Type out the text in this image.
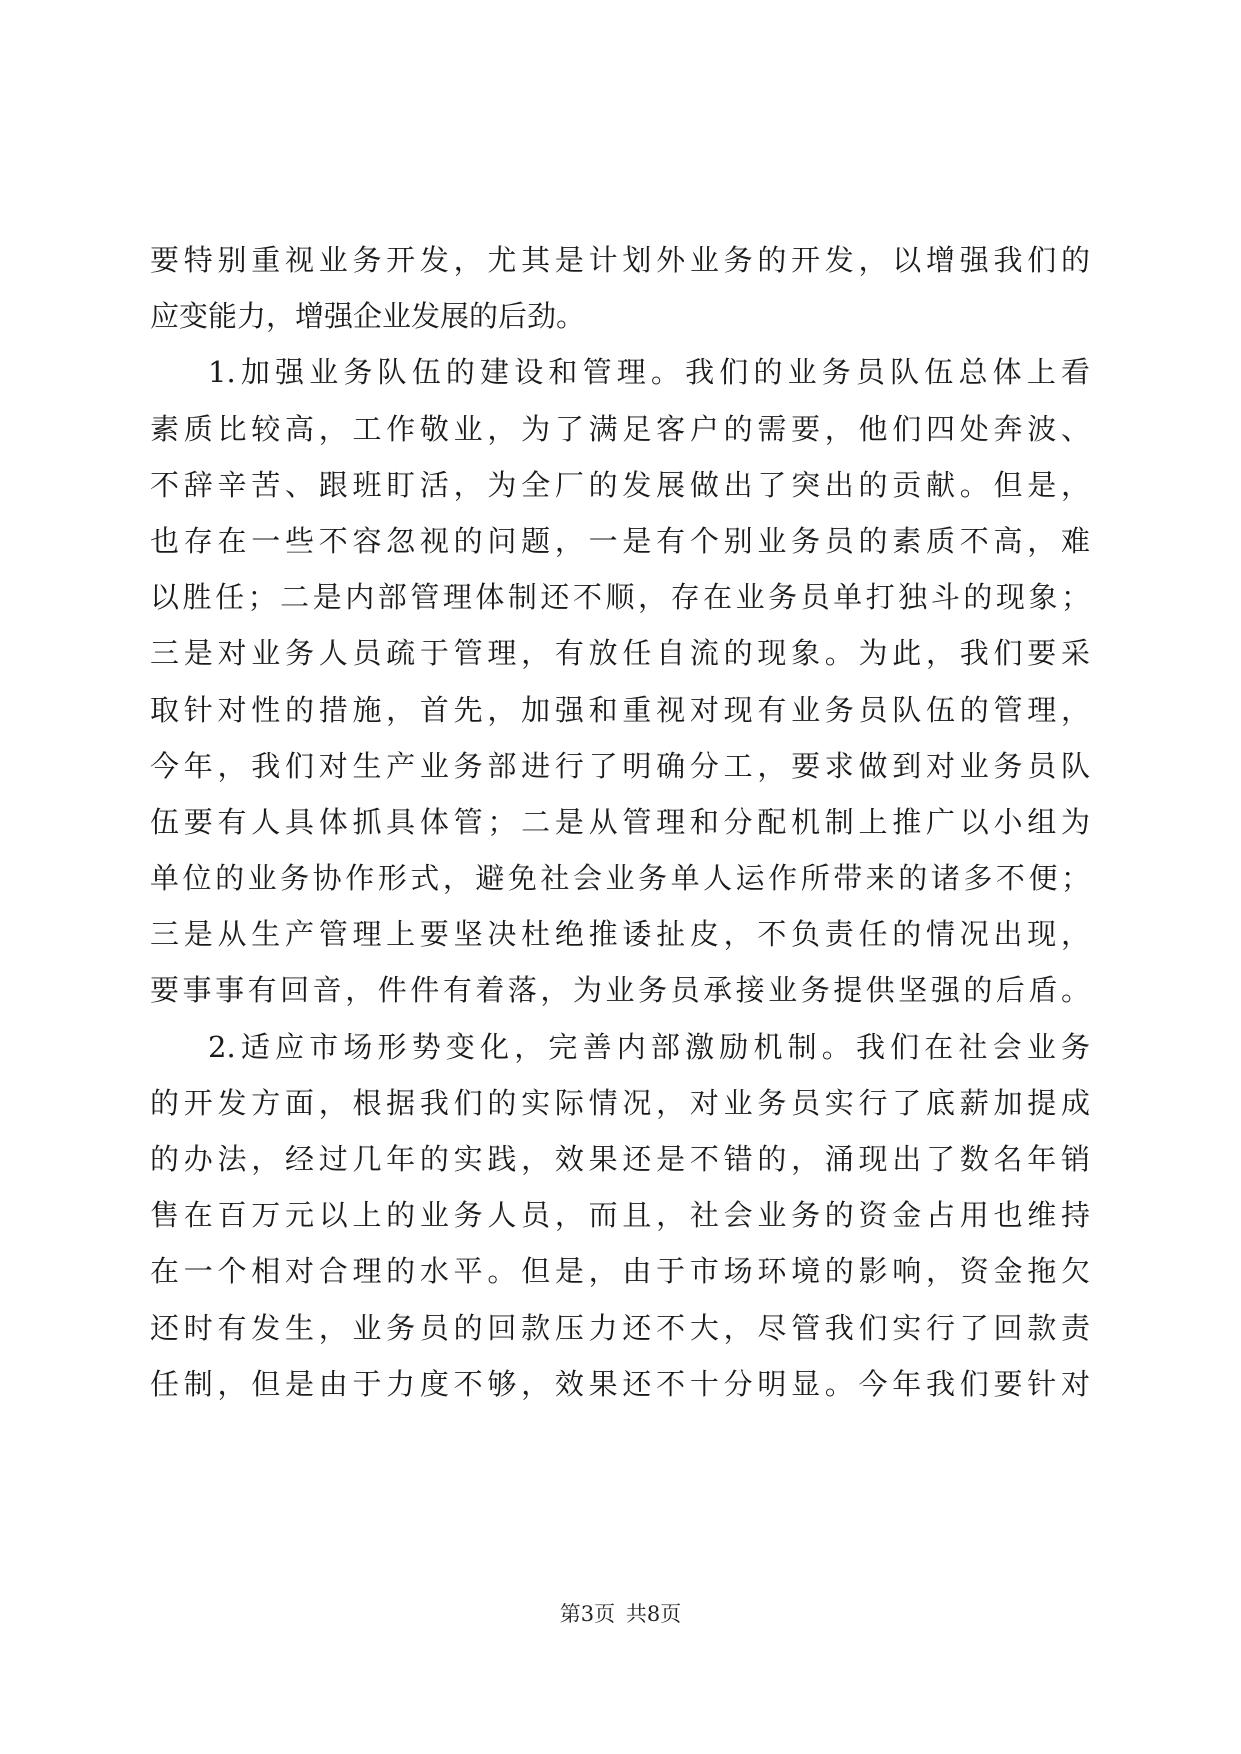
要特别重视业务开发，尤其是计划外业务的开发，以增强我们的
应变能力，增强企业发展的后劲。
1.加强业务队伍的建设和管理。我们的业务员队伍总体上看
素质比较高，工作敬业，为了满足客户的需要，他们四处奔波、
不辞辛苦、跟班盯活，为全厂的发展做出了突出的贡献。但是，
也存在一些不容忽视的问题，一是有个别业务员的素质不高，难
以胜任；二是内部管理体制还不顺，存在业务员单打独斗的现象；
三是对业务人员疏于管理，有放任自流的现象。为此，我们要采
取针对性的措施，首先，加强和重视对现有业务员队伍的管理，
今年，我们对生产业务部进行了明确分工，要求做到对业务员队
伍要有人具体抓具体管；二是从管理和分配机制上推广以小组为
单位的业务协作形式，避免社会业务单人运作所带来的诸多不便；
三是从生产管理上要坚决杜绝推诿扯皮，不负责任的情况出现，
要事事有回音，件件有着落，为业务员承接业务提供坚强的后盾。
2.适应市场形势变化，完善内部激励机制。我们在社会业务
的开发方面，根据我们的实际情况，对业务员实行了底薪加提成
的办法，经过几年的实践，效果还是不错的，涌现出了数名年销
售在百万元以上的业务人员，而且，社会业务的资金占用也维持
在一个相对合理的水平。但是，由于市场环境的影响，资金拖欠
还时有发生，业务员的回款压力还不大，尽管我们实行了回款责
任制，但是由于力度不够，效果还不十分明显。今年我们要针对
第3页 共8页
